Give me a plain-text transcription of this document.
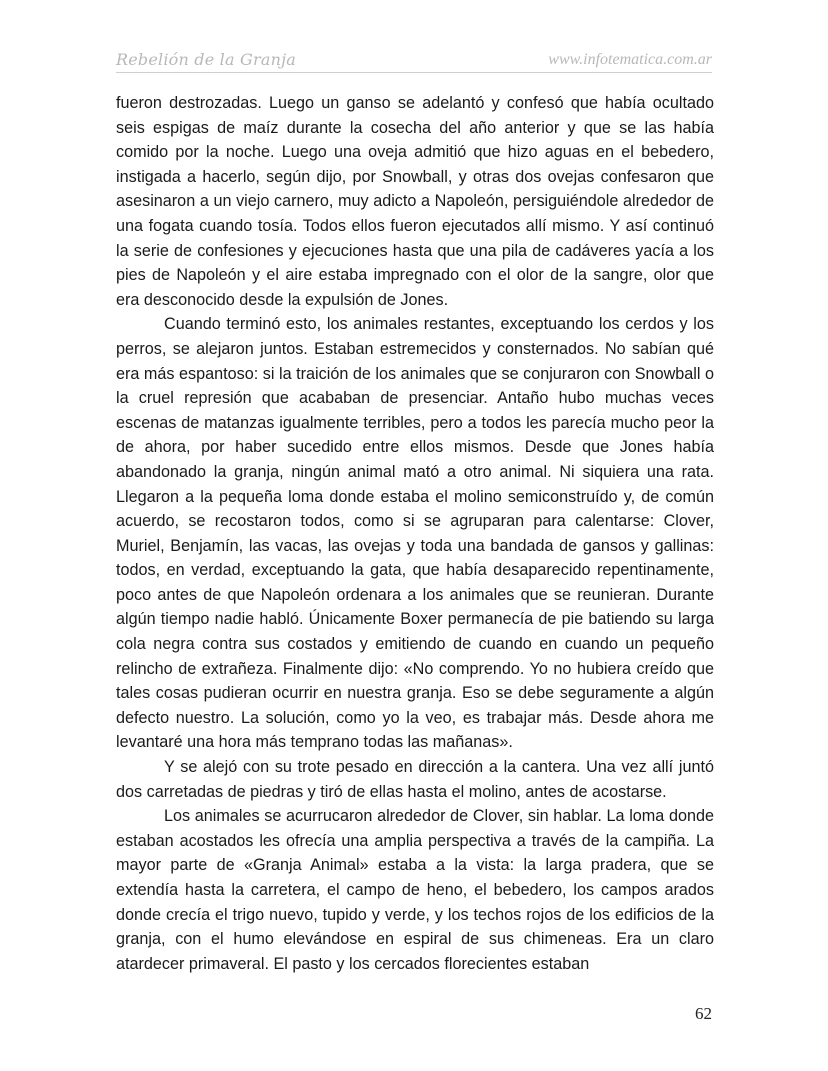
Rebelión de la Granja	www.infotematica.com.ar

fueron destrozadas. Luego un ganso se adelantó y confesó que había ocultado seis espigas de maíz durante la cosecha del año anterior y que se las había comido por la noche. Luego una oveja admitió que hizo aguas en el bebedero, instigada a hacerlo, según dijo, por Snowball, y otras dos ovejas confesaron que asesinaron a un viejo carnero, muy adicto a Napoleón, persiguiéndole alrededor de una fogata cuando tosía. Todos ellos fueron ejecutados allí mismo. Y así continuó la serie de confesiones y ejecuciones hasta que una pila de cadáveres yacía a los pies de Napoleón y el aire estaba impregnado con el olor de la sangre, olor que era desconocido desde la expulsión de Jones.

Cuando terminó esto, los animales restantes, exceptuando los cerdos y los perros, se alejaron juntos. Estaban estremecidos y consternados. No sabían qué era más espantoso: si la traición de los animales que se conjuraron con Snowball o la cruel represión que acababan de presenciar. Antaño hubo muchas veces escenas de matanzas igualmente terribles, pero a todos les parecía mucho peor la de ahora, por haber sucedido entre ellos mismos. Desde que Jones había abandonado la granja, ningún animal mató a otro animal. Ni siquiera una rata. Llegaron a la pequeña loma donde estaba el molino semiconstruído y, de común acuerdo, se recostaron todos, como si se agruparan para calentarse: Clover, Muriel, Benjamín, las vacas, las ovejas y toda una bandada de gansos y gallinas: todos, en verdad, exceptuando la gata, que había desaparecido repentinamente, poco antes de que Napoleón ordenara a los animales que se reunieran. Durante algún tiempo nadie habló. Únicamente Boxer permanecía de pie batiendo su larga cola negra contra sus costados y emitiendo de cuando en cuando un pequeño relincho de extrañeza. Finalmente dijo: «No comprendo. Yo no hubiera creído que tales cosas pudieran ocurrir en nuestra granja. Eso se debe seguramente a algún defecto nuestro. La solución, como yo la veo, es trabajar más. Desde ahora me levantaré una hora más temprano todas las mañanas».

Y se alejó con su trote pesado en dirección a la cantera. Una vez allí juntó dos carretadas de piedras y tiró de ellas hasta el molino, antes de acostarse.

Los animales se acurrucaron alrededor de Clover, sin hablar. La loma donde estaban acostados les ofrecía una amplia perspectiva a través de la campiña. La mayor parte de «Granja Animal» estaba a la vista: la larga pradera, que se extendía hasta la carretera, el campo de heno, el bebedero, los campos arados donde crecía el trigo nuevo, tupido y verde, y los techos rojos de los edificios de la granja, con el humo elevándose en espiral de sus chimeneas. Era un claro atardecer primaveral. El pasto y los cercados florecientes estaban

62
